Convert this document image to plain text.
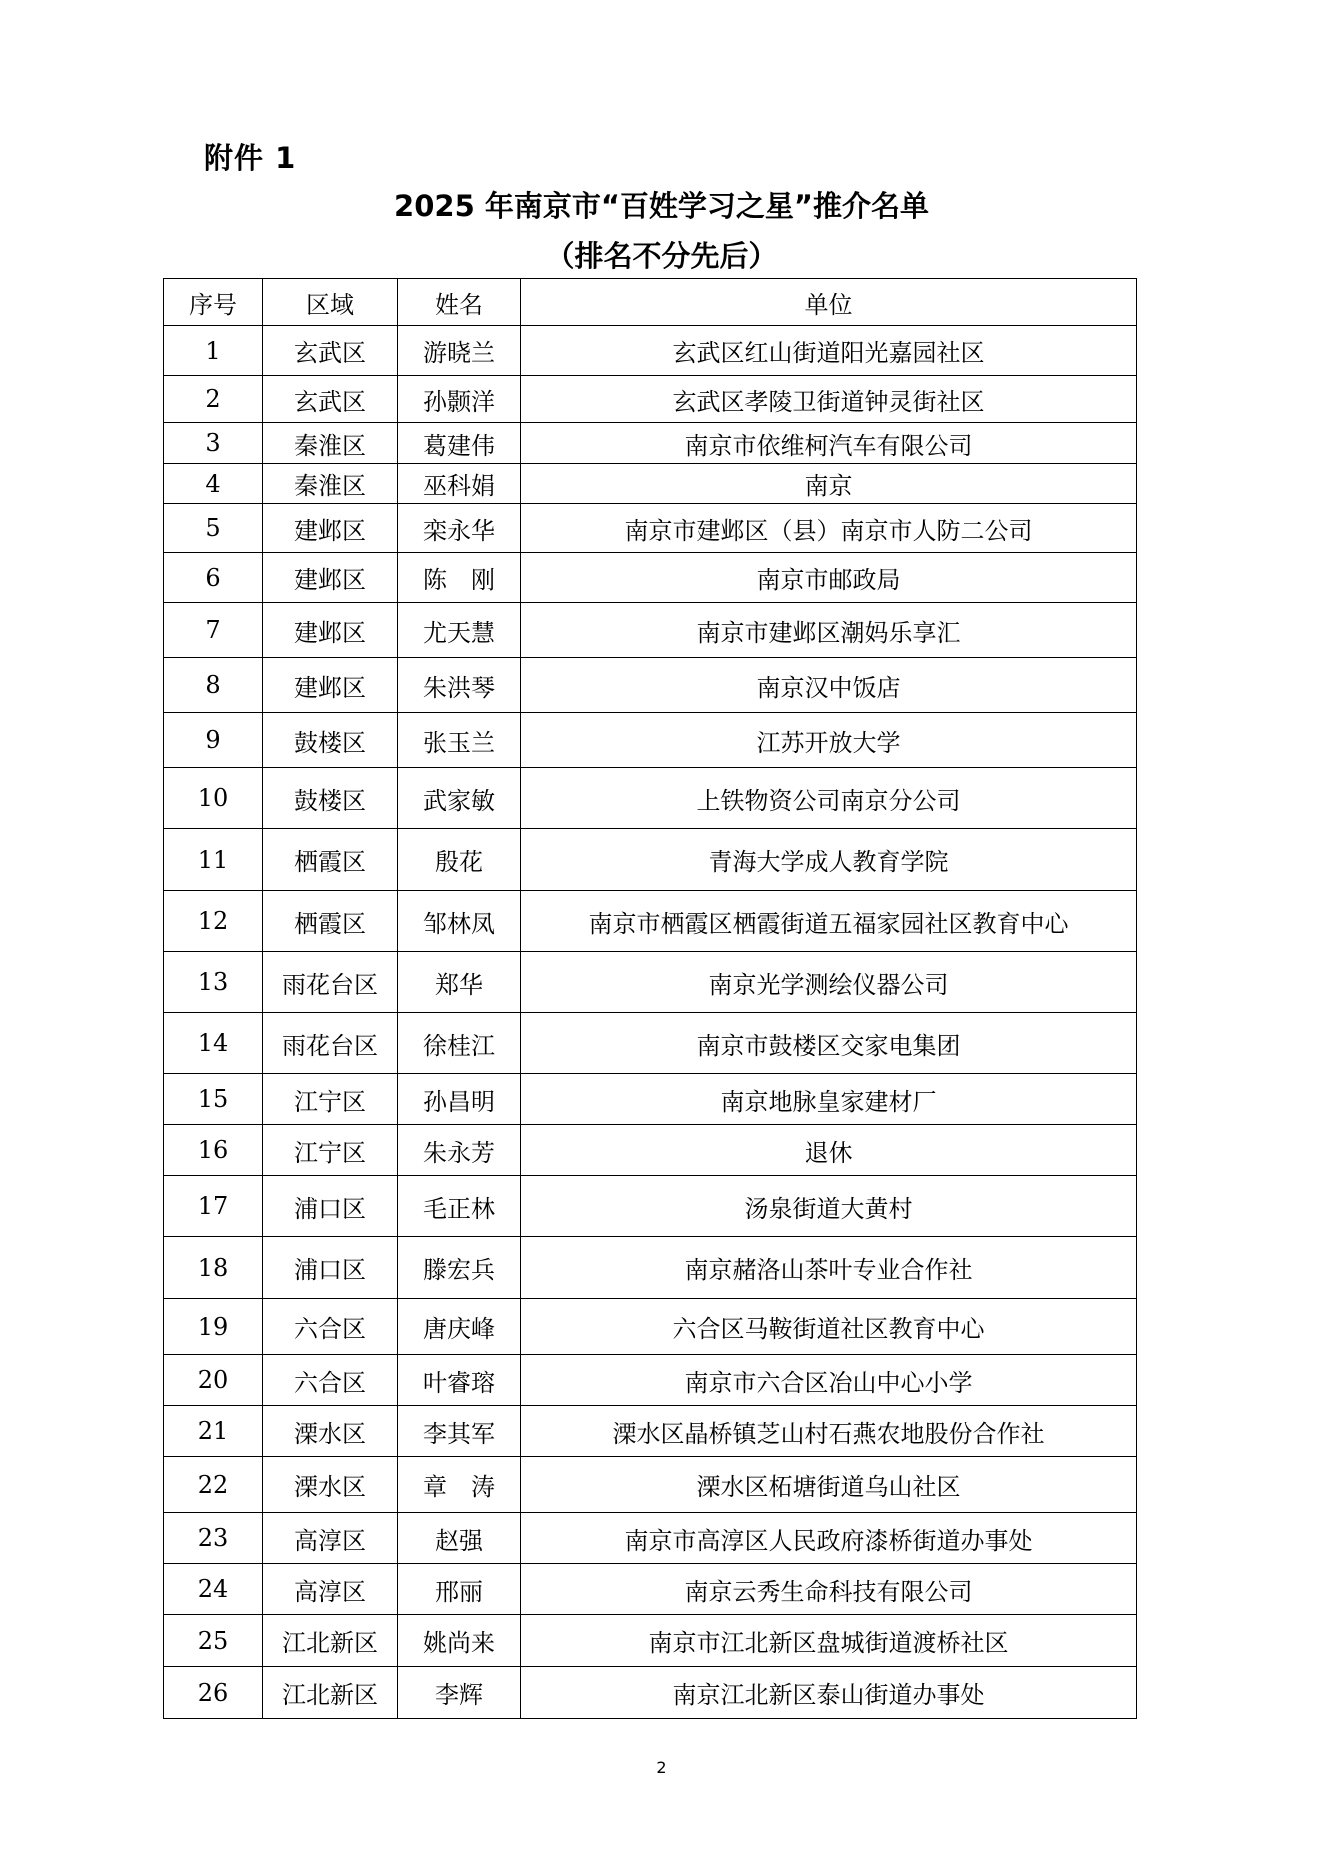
附件 1
2025 年南京市“百姓学习之星”推介名单
（排名不分先后）
序号	区域	姓名	单位
1	玄武区	游晓兰	玄武区红山街道阳光嘉园社区
2	玄武区	孙颢洋	玄武区孝陵卫街道钟灵街社区
3	秦淮区	葛建伟	南京市依维柯汽车有限公司
4	秦淮区	巫科娟	南京
5	建邺区	栾永华	南京市建邺区（县）南京市人防二公司
6	建邺区	陈　刚	南京市邮政局
7	建邺区	尤天慧	南京市建邺区潮妈乐享汇
8	建邺区	朱洪琴	南京汉中饭店
9	鼓楼区	张玉兰	江苏开放大学
10	鼓楼区	武家敏	上铁物资公司南京分公司
11	栖霞区	殷花	青海大学成人教育学院
12	栖霞区	邹林凤	南京市栖霞区栖霞街道五福家园社区教育中心
13	雨花台区	郑华	南京光学测绘仪器公司
14	雨花台区	徐桂江	南京市鼓楼区交家电集团
15	江宁区	孙昌明	南京地脉皇家建材厂
16	江宁区	朱永芳	退休
17	浦口区	毛正林	汤泉街道大黄村
18	浦口区	滕宏兵	南京赭洛山茶叶专业合作社
19	六合区	唐庆峰	六合区马鞍街道社区教育中心
20	六合区	叶睿瑢	南京市六合区冶山中心小学
21	溧水区	李其军	溧水区晶桥镇芝山村石燕农地股份合作社
22	溧水区	章　涛	溧水区柘塘街道乌山社区
23	高淳区	赵强	南京市高淳区人民政府漆桥街道办事处
24	高淳区	邢丽	南京云秀生命科技有限公司
25	江北新区	姚尚来	南京市江北新区盘城街道渡桥社区
26	江北新区	李辉	南京江北新区泰山街道办事处
2
